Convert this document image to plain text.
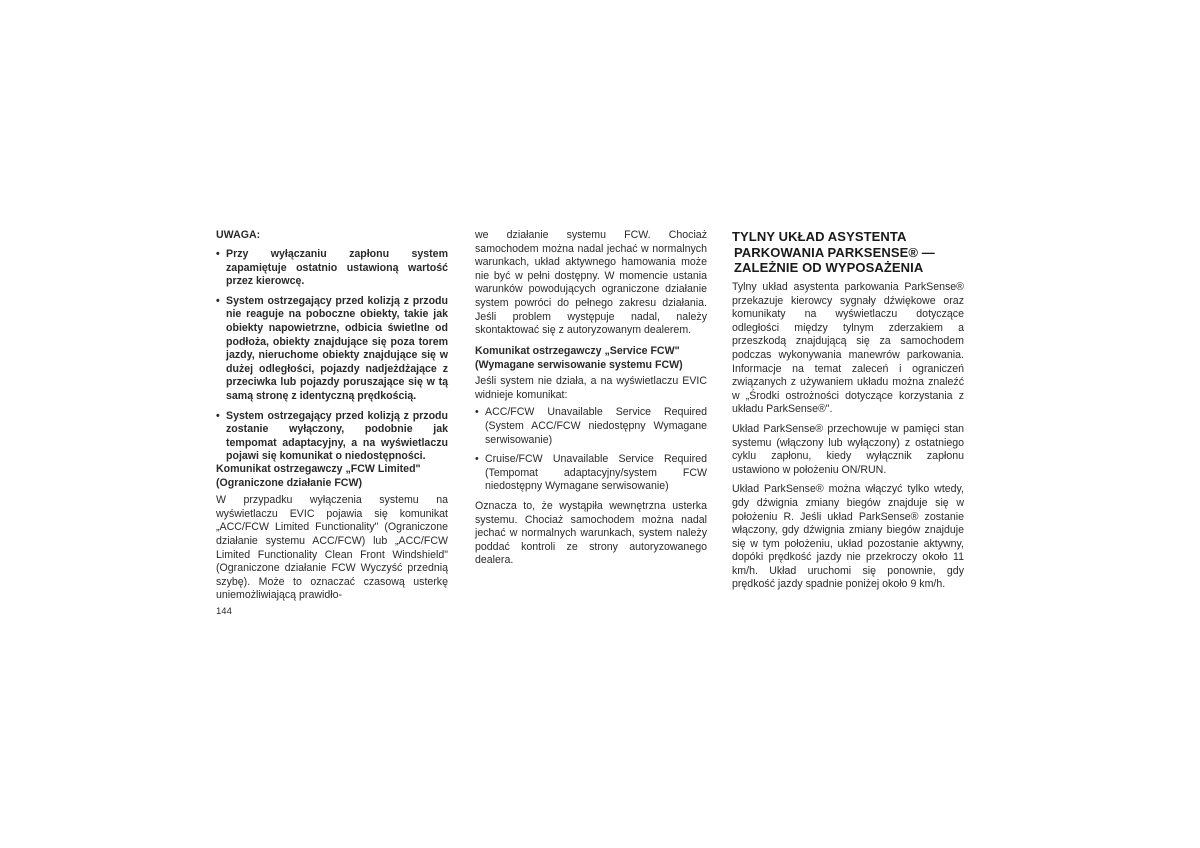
UWAGA:
• Przy wyłączaniu zapłonu system zapamiętuje ostatnio ustawioną wartość przez kierowcę.
• System ostrzegający przed kolizją z przodu nie reaguje na poboczne obiekty, takie jak obiekty napowietrzne, odbicia świetlne od podłoża, obiekty znajdujące się poza torem jazdy, nieruchome obiekty znajdujące się w dużej odległości, pojazdy nadjeżdżające z przeciwka lub pojazdy poruszające się w tą samą stronę z identyczną prędkością.
• System ostrzegający przed kolizją z przodu zostanie wyłączony, podobnie jak tempomat adaptacyjny, a na wyświetlaczu pojawi się komunikat o niedostępności.

Komunikat ostrzegawczy „FCW Limited" (Ograniczone działanie FCW)

W przypadku wyłączenia systemu na wyświetlaczu EVIC pojawia się komunikat „ACC/FCW Limited Functionality" (Ograniczone działanie systemu ACC/FCW) lub „ACC/FCW Limited Functionality Clean Front Windshield" (Ograniczone działanie FCW Wyczyść przednią szybę). Może to oznaczać czasową usterkę uniemożliwiającą prawidło-

we działanie systemu FCW. Chociaż samochodem można nadal jechać w normalnych warunkach, układ aktywnego hamowania może nie być w pełni dostępny. W momencie ustania warunków powodujących ograniczone działanie system powróci do pełnego zakresu działania. Jeśli problem występuje nadal, należy skontaktować się z autoryzowanym dealerem.

Komunikat ostrzegawczy „Service FCW" (Wymagane serwisowanie systemu FCW)

Jeśli system nie działa, a na wyświetlaczu EVIC widnieje komunikat:

• ACC/FCW Unavailable Service Required (System ACC/FCW niedostępny Wymagane serwisowanie)
• Cruise/FCW Unavailable Service Required (Tempomat adaptacyjny/system FCW niedostępny Wymagane serwisowanie)

Oznacza to, że wystąpiła wewnętrzna usterka systemu. Chociaż samochodem można nadal jechać w normalnych warunkach, system należy poddać kontroli ze strony autoryzowanego dealera.

TYLNY UKŁAD ASYSTENTA
PARKOWANIA PARKSENSE® —
ZALEŻNIE OD WYPOSAŻENIA

Tylny układ asystenta parkowania ParkSense® przekazuje kierowcy sygnały dźwiękowe oraz komunikaty na wyświetlaczu dotyczące odległości między tylnym zderzakiem a przeszkodą znajdującą się za samochodem podczas wykonywania manewrów parkowania. Informacje na temat zaleceń i ograniczeń związanych z używaniem układu można znaleźć w „Środki ostrożności dotyczące korzystania z układu ParkSense®".

Układ ParkSense® przechowuje w pamięci stan systemu (włączony lub wyłączony) z ostatniego cyklu zapłonu, kiedy wyłącznik zapłonu ustawiono w położeniu ON/RUN.

Układ ParkSense® można włączyć tylko wtedy, gdy dźwignia zmiany biegów znajduje się w położeniu R. Jeśli układ ParkSense® zostanie włączony, gdy dźwignia zmiany biegów znajduje się w tym położeniu, układ pozostanie aktywny, dopóki prędkość jazdy nie przekroczy około 11 km/h. Układ uruchomi się ponownie, gdy prędkość jazdy spadnie poniżej około 9 km/h.

144
